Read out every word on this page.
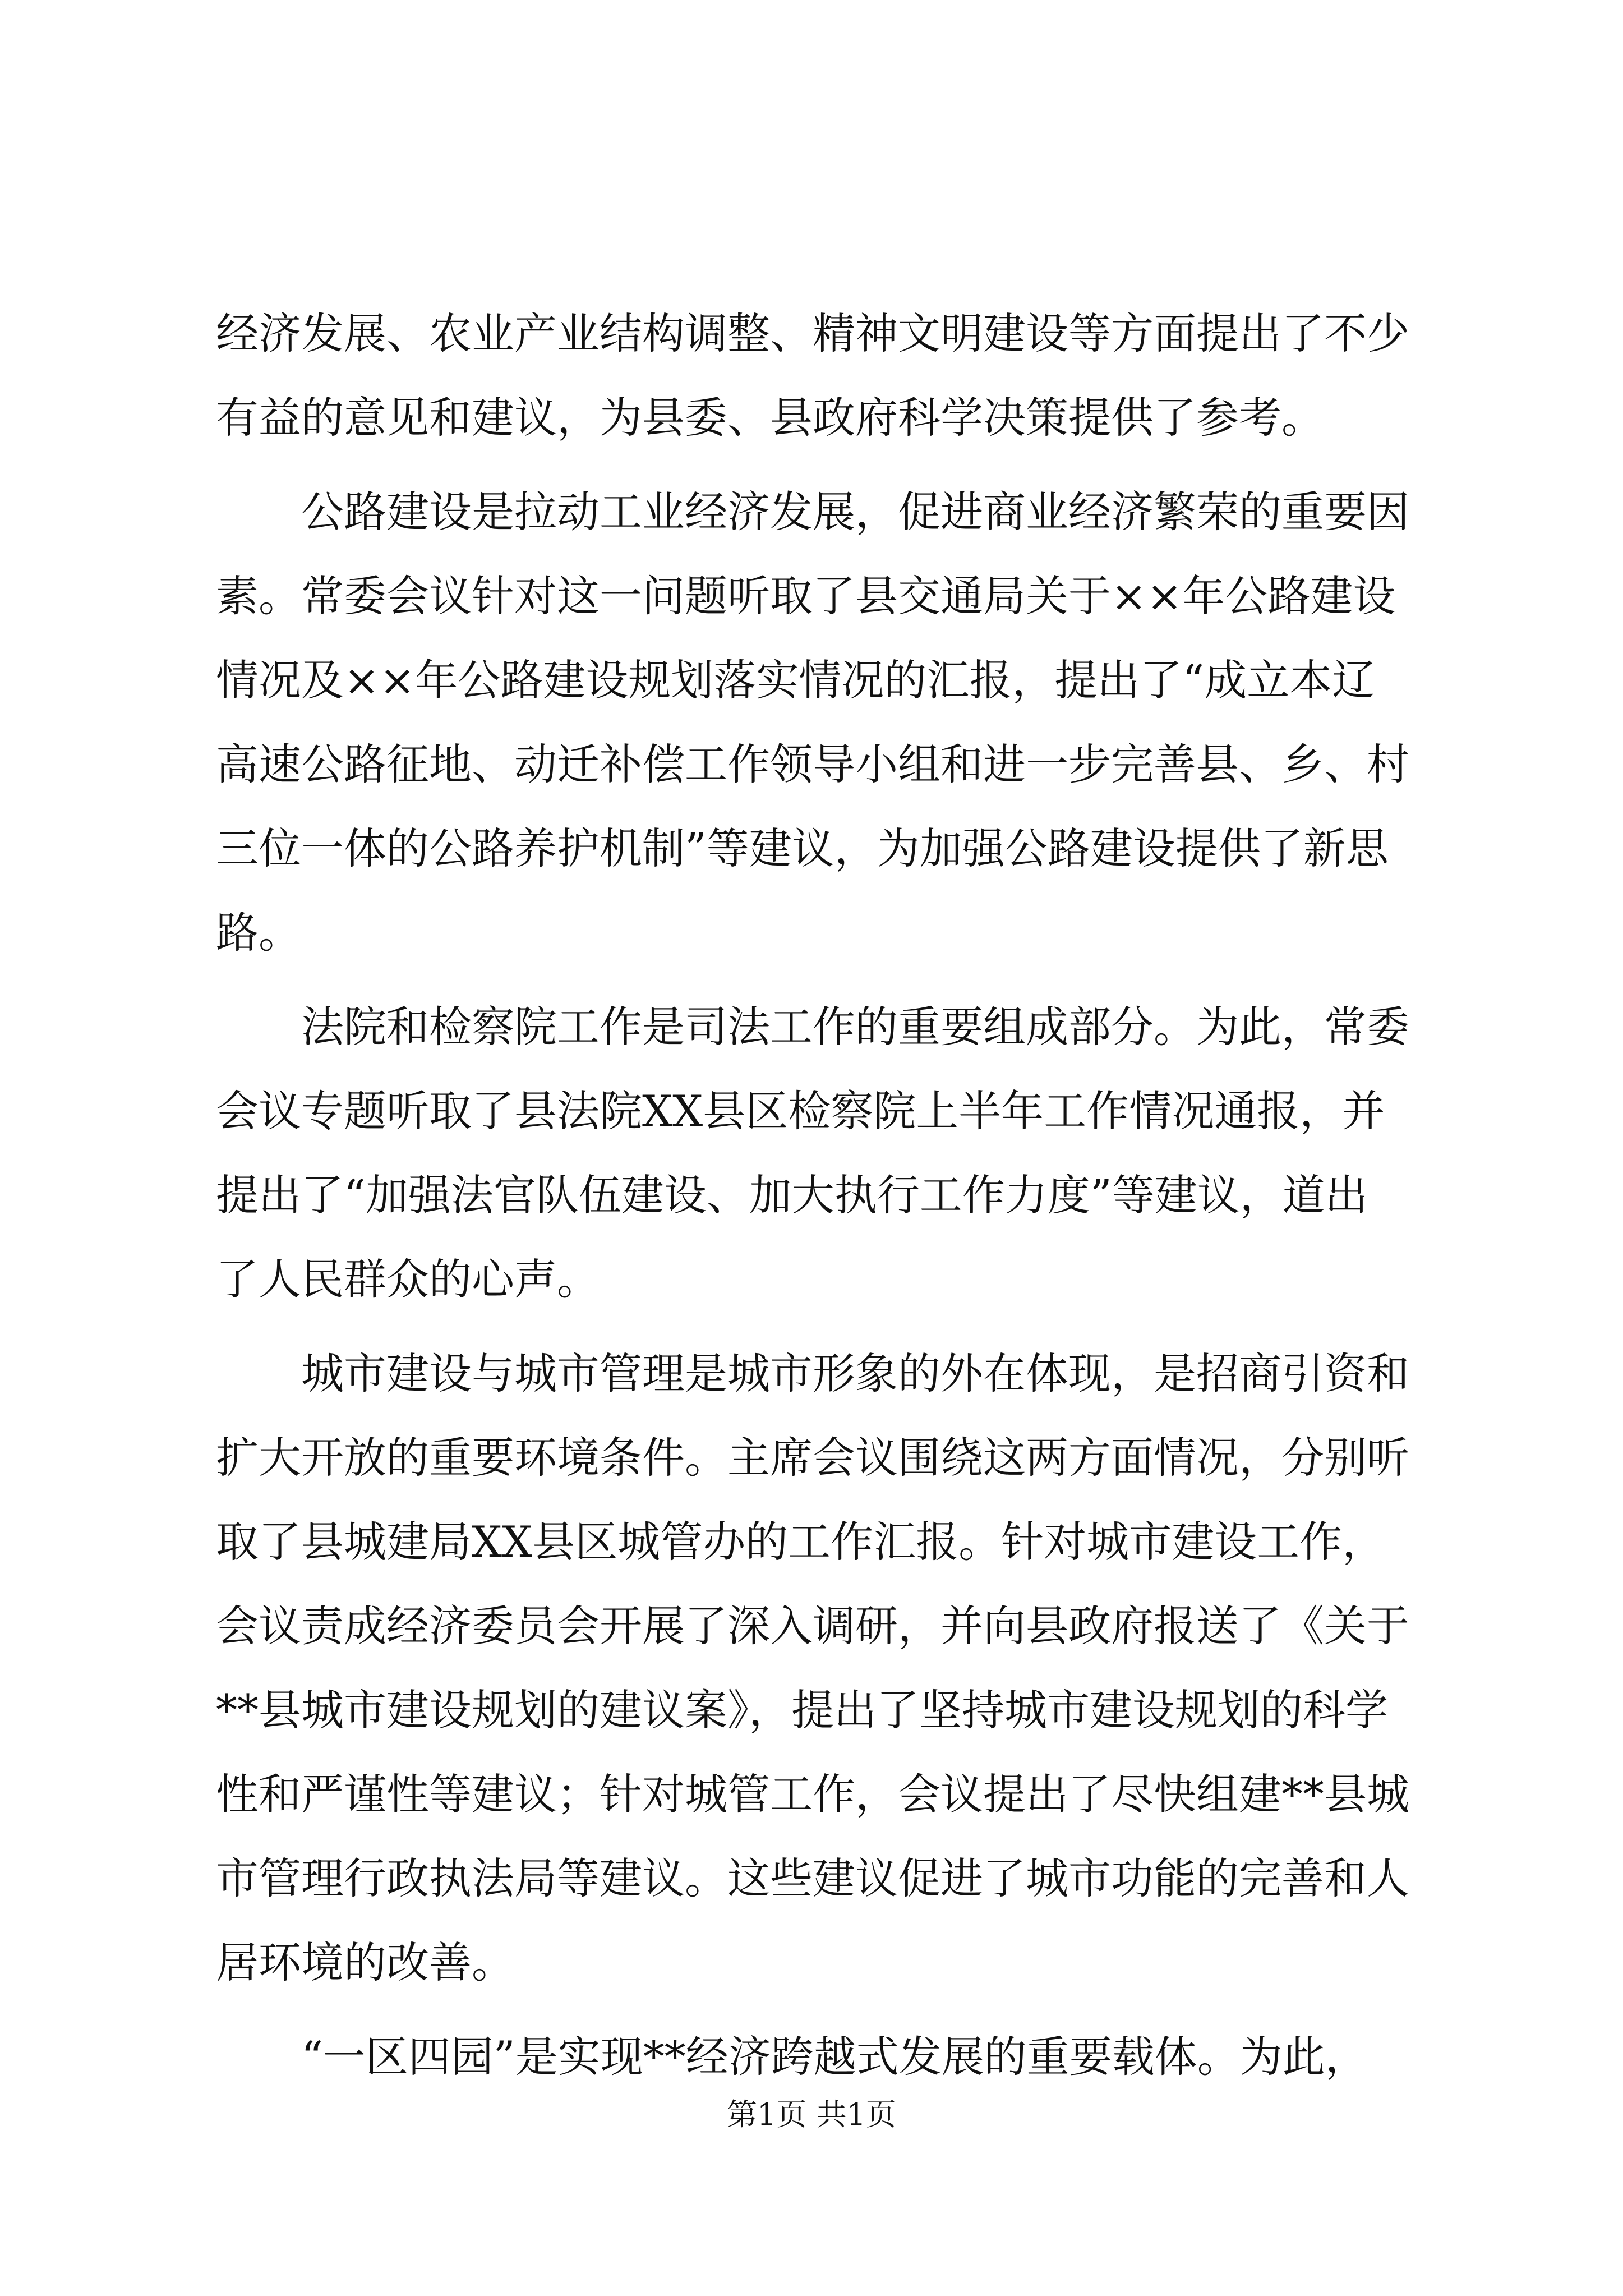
经济发展、农业产业结构调整、精神文明建设等方面提出了不少
有益的意见和建议，为县委、县政府科学决策提供了参考。
公路建设是拉动工业经济发展，促进商业经济繁荣的重要因
素。常委会议针对这一问题听取了县交通局关于××年公路建设
情况及××年公路建设规划落实情况的汇报，提出了“成立本辽
高速公路征地、动迁补偿工作领导小组和进一步完善县、乡、村
三位一体的公路养护机制”等建议，为加强公路建设提供了新思
路。
法院和检察院工作是司法工作的重要组成部分。为此，常委
会议专题听取了县法院XX县区检察院上半年工作情况通报，并
提出了“加强法官队伍建设、加大执行工作力度”等建议，道出
了人民群众的心声。
城市建设与城市管理是城市形象的外在体现，是招商引资和
扩大开放的重要环境条件。主席会议围绕这两方面情况，分别听
取了县城建局XX县区城管办的工作汇报。针对城市建设工作，
会议责成经济委员会开展了深入调研，并向县政府报送了《关于
**县城市建设规划的建议案》，提出了坚持城市建设规划的科学
性和严谨性等建议；针对城管工作，会议提出了尽快组建**县城
市管理行政执法局等建议。这些建议促进了城市功能的完善和人
居环境的改善。
“一区四园”是实现**经济跨越式发展的重要载体。为此，
第1页 共1页
